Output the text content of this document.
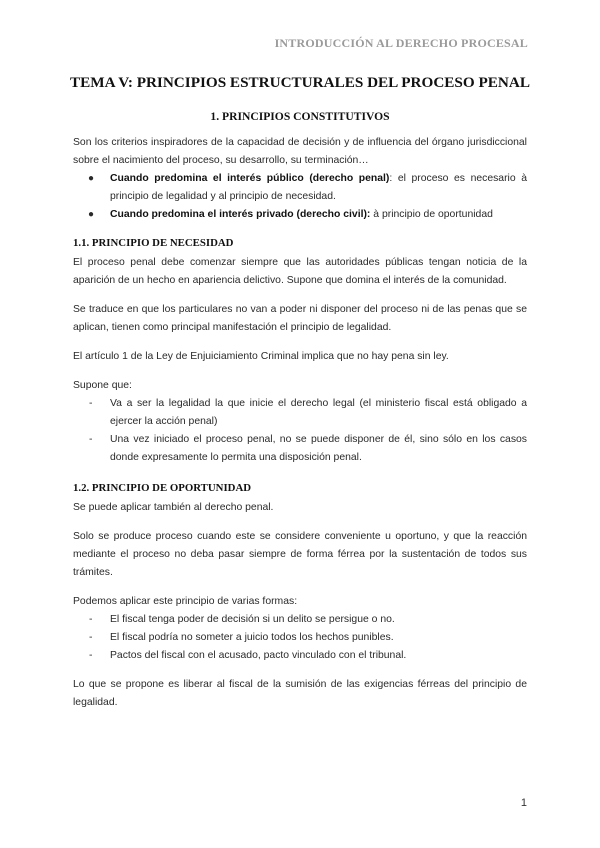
INTRODUCCIÓN AL DERECHO PROCESAL
TEMA V: PRINCIPIOS ESTRUCTURALES DEL PROCESO PENAL
1. PRINCIPIOS CONSTITUTIVOS

Son los criterios inspiradores de la capacidad de decisión y de influencia del órgano jurisdiccional sobre el nacimiento del proceso, su desarrollo, su terminación…

● Cuando predomina el interés público (derecho penal): el proceso es necesario à principio de legalidad y al principio de necesidad.
● Cuando predomina el interés privado (derecho civil): à principio de oportunidad
1.1. PRINCIPIO DE NECESIDAD

El proceso penal debe comenzar siempre que las autoridades públicas tengan noticia de la aparición de un hecho en apariencia delictivo. Supone que domina el interés de la comunidad.

Se traduce en que los particulares no van a poder ni disponer del proceso ni de las penas que se aplican, tienen como principal manifestación el principio de legalidad.

El artículo 1 de la Ley de Enjuiciamiento Criminal implica que no hay pena sin ley.

Supone que:

- Va a ser la legalidad la que inicie el derecho legal (el ministerio fiscal está obligado a ejercer la acción penal)
- Una vez iniciado el proceso penal, no se puede disponer de él, sino sólo en los casos donde expresamente lo permita una disposición penal.
1.2. PRINCIPIO DE OPORTUNIDAD

Se puede aplicar también al derecho penal.

Solo se produce proceso cuando este se considere conveniente u oportuno, y que la reacción mediante el proceso no deba pasar siempre de forma férrea por la sustentación de todos sus trámites.

Podemos aplicar este principio de varias formas:

- El fiscal tenga poder de decisión si un delito se persigue o no.
- El fiscal podría no someter a juicio todos los hechos punibles.
- Pactos del fiscal con el acusado, pacto vinculado con el tribunal.

Lo que se propone es liberar al fiscal de la sumisión de las exigencias férreas del principio de legalidad.

1
